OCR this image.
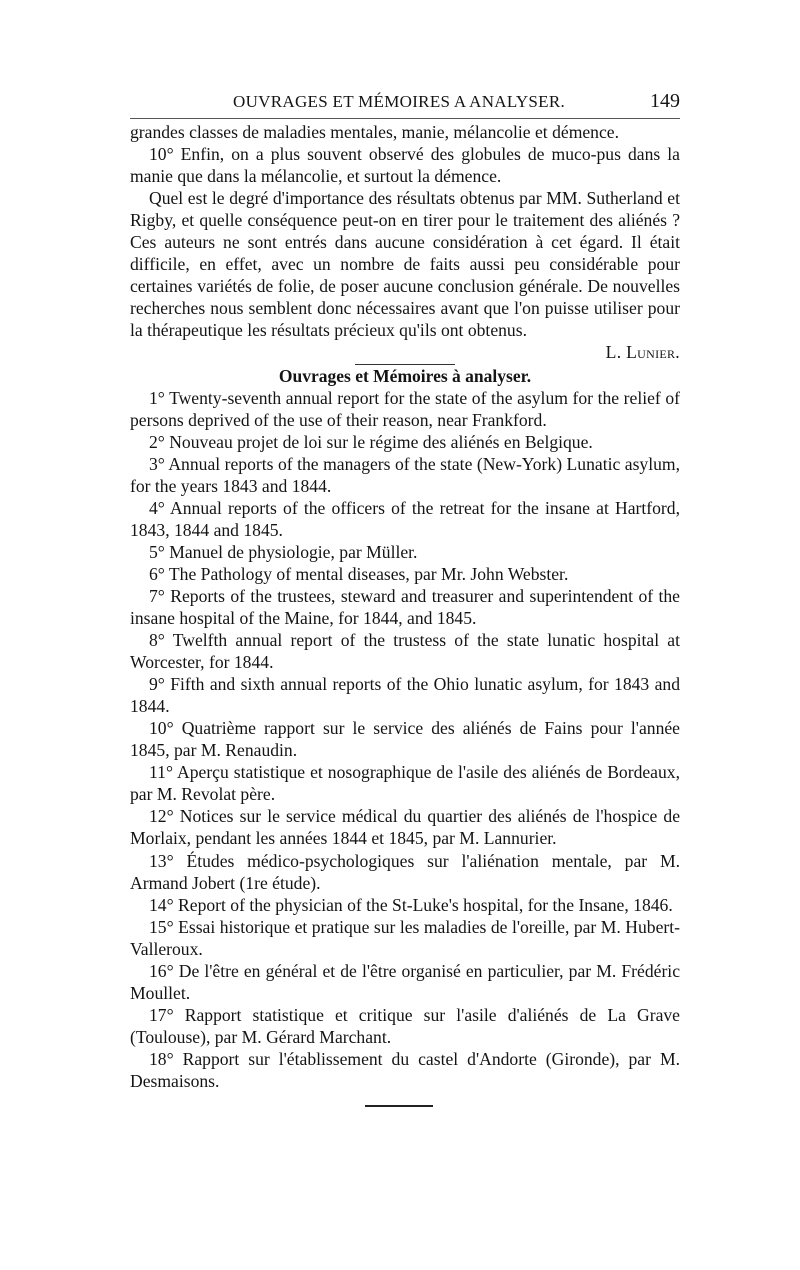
OUVRAGES ET MÉMOIRES A ANALYSER.	149

grandes classes de maladies mentales, manie, mélancolie et démence.

10° Enfin, on a plus souvent observé des globules de muco-pus dans la manie que dans la mélancolie, et surtout la démence.

Quel est le degré d'importance des résultats obtenus par MM. Sutherland et Rigby, et quelle conséquence peut-on en tirer pour le traitement des aliénés ? Ces auteurs ne sont entrés dans aucune considération à cet égard. Il était difficile, en effet, avec un nombre de faits aussi peu considérable pour certaines variétés de folie, de poser aucune conclusion générale. De nouvelles recherches nous semblent donc nécessaires avant que l'on puisse utiliser pour la thérapeutique les résultats précieux qu'ils ont obtenus.
L. Lunier.

Ouvrages et Mémoires à analyser.

1° Twenty-seventh annual report for the state of the asylum for the relief of persons deprived of the use of their reason, near Frankford.

2° Nouveau projet de loi sur le régime des aliénés en Belgique.

3° Annual reports of the managers of the state (New-York) Lunatic asylum, for the years 1843 and 1844.

4° Annual reports of the officers of the retreat for the insane at Hartford, 1843, 1844 and 1845.

5° Manuel de physiologie, par Müller.

6° The Pathology of mental diseases, par Mr. John Webster.

7° Reports of the trustees, steward and treasurer and superintendent of the insane hospital of the Maine, for 1844, and 1845.

8° Twelfth annual report of the trustess of the state lunatic hospital at Worcester, for 1844.

9° Fifth and sixth annual reports of the Ohio lunatic asylum, for 1843 and 1844.

10° Quatrième rapport sur le service des aliénés de Fains pour l'année 1845, par M. Renaudin.

11° Aperçu statistique et nosographique de l'asile des aliénés de Bordeaux, par M. Revolat père.

12° Notices sur le service médical du quartier des aliénés de l'hospice de Morlaix, pendant les années 1844 et 1845, par M. Lannurier.

13° Études médico-psychologiques sur l'aliénation mentale, par M. Armand Jobert (1re étude).

14° Report of the physician of the St-Luke's hospital, for the Insane, 1846.

15° Essai historique et pratique sur les maladies de l'oreille, par M. Hubert-Valleroux.

16° De l'être en général et de l'être organisé en particulier, par M. Frédéric Moullet.

17° Rapport statistique et critique sur l'asile d'aliénés de La Grave (Toulouse), par M. Gérard Marchant.

18° Rapport sur l'établissement du castel d'Andorte (Gironde), par M. Desmaisons.
